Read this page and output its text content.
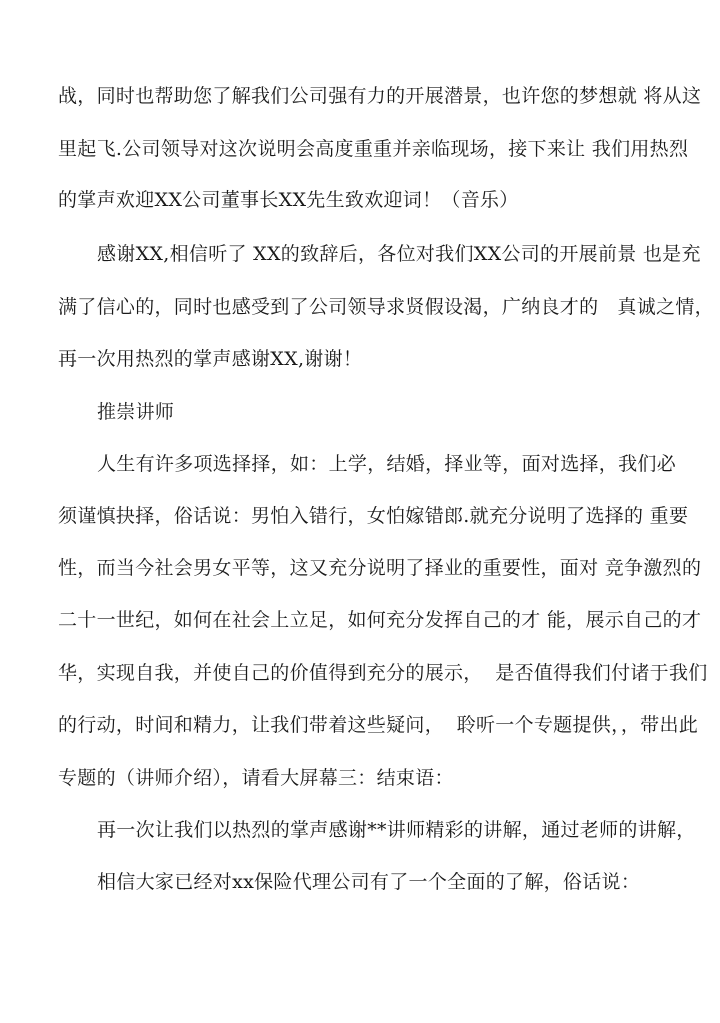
战，同时也帮助您了解我们公司强有力的开展潜景，也许您的梦想就 将从这
里起飞.公司领导对这次说明会高度重重并亲临现场，接下来让 我们用热烈
的掌声欢迎XX公司董事长XX先生致欢迎词！（音乐）
感谢XX,相信听了 XX的致辞后，各位对我们XX公司的开展前景 也是充
满了信心的，同时也感受到了公司领导求贤假设渴，广纳良才的   真诚之情，
再一次用热烈的掌声感谢XX,谢谢！
推崇讲师
人生有许多项选择择，如：上学，结婚，择业等，面对选择，我们必
须谨慎抉择，俗话说：男怕入错行，女怕嫁错郎.就充分说明了选择的 重要
性，而当今社会男女平等，这又充分说明了择业的重要性，面对 竞争激烈的
二十一世纪，如何在社会上立足，如何充分发挥自己的才 能，展示自己的才
华，实现自我，并使自己的价值得到充分的展示，  是否值得我们付诸于我们
的行动，时间和精力，让我们带着这些疑问，  聆听一个专题提供，，带出此
专题的（讲师介绍），请看大屏幕三：结束语：
再一次让我们以热烈的掌声感谢**讲师精彩的讲解，通过老师的讲解，
相信大家已经对xx保险代理公司有了一个全面的了解，俗话说：
